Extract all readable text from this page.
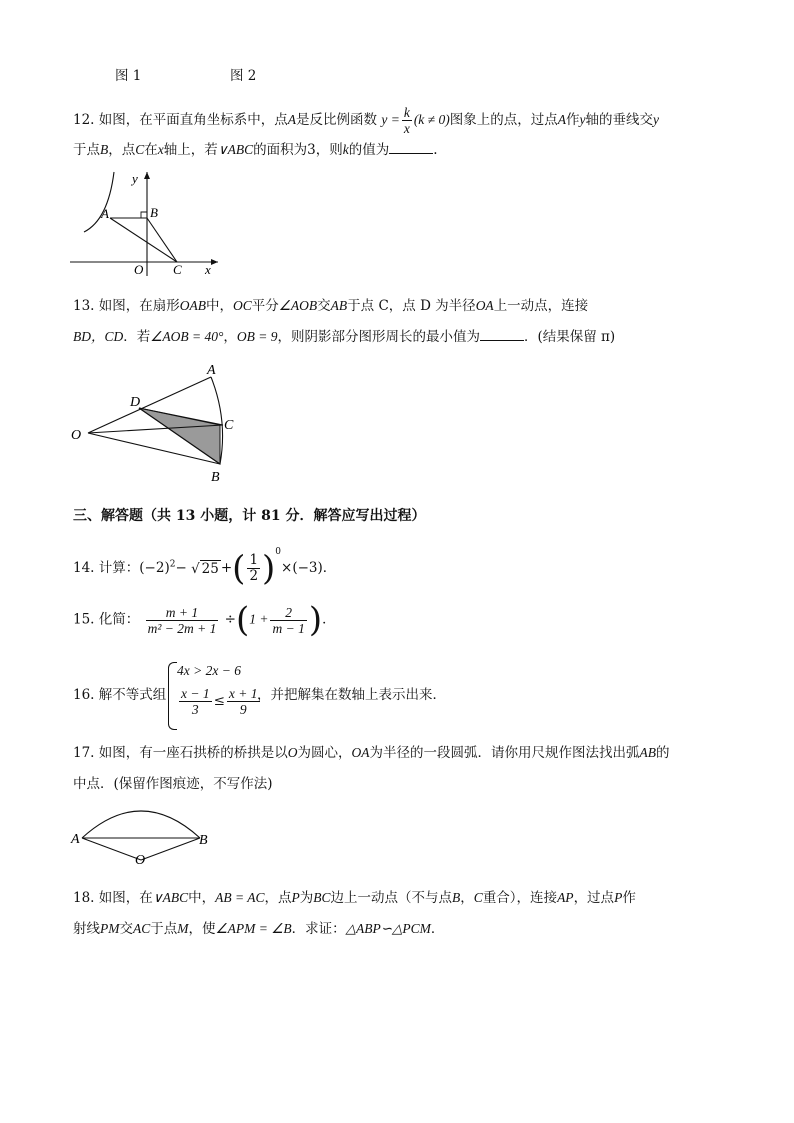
图 1	图 2
12. 如图，在平面直角坐标系中，点A是反比例函数 $y = \frac{k}{x} (k \ne 0)$图象上的点，过点A作y轴的垂线交y
于点B，点C在x轴上，若∨ABC的面积为3，则k的值为	.
y
A	B
O C x
13. 如图，在扇形OAB中，OC平分∠AOB交AB于点 C，点 D 为半径OA上一动点，连接
BD，CD．若∠AOB = 40°，OB = 9，则阴影部分图形周长的最小值为	．(结果保留 π)
A
D
C
O
B
三、解答题（共 13 小题，计 81 分．解答应写出过程）
14. 计算：$(-2)^2-$ √ 25 +( $\frac{1}{2} )^0\times(-3)$．
15. 化简： $\frac{m + 1}{\text{m² − 2m + 1}} \div(1 + \frac{2}{m - 1}$ )．
16. 解不等式组
4x > 2x − 6
$\frac{x - 1}{3} \le \frac{x + 1}{9}$
，并把解集在数轴上表示出来．
17. 如图，有一座石拱桥的桥拱是以O为圆心，OA为半径的一段圆弧．请你用尺规作图法找出弧AB的
中点．(保留作图痕迹，不写作法)
A	B
O
18. 如图，在∨ABC中，AB = AC，点P为BC边上一动点（不与点B，C重合），连接AP，过点P作
射线PM交AC于点M，使∠APM = ∠B．求证：△ABP∽△PCM．
